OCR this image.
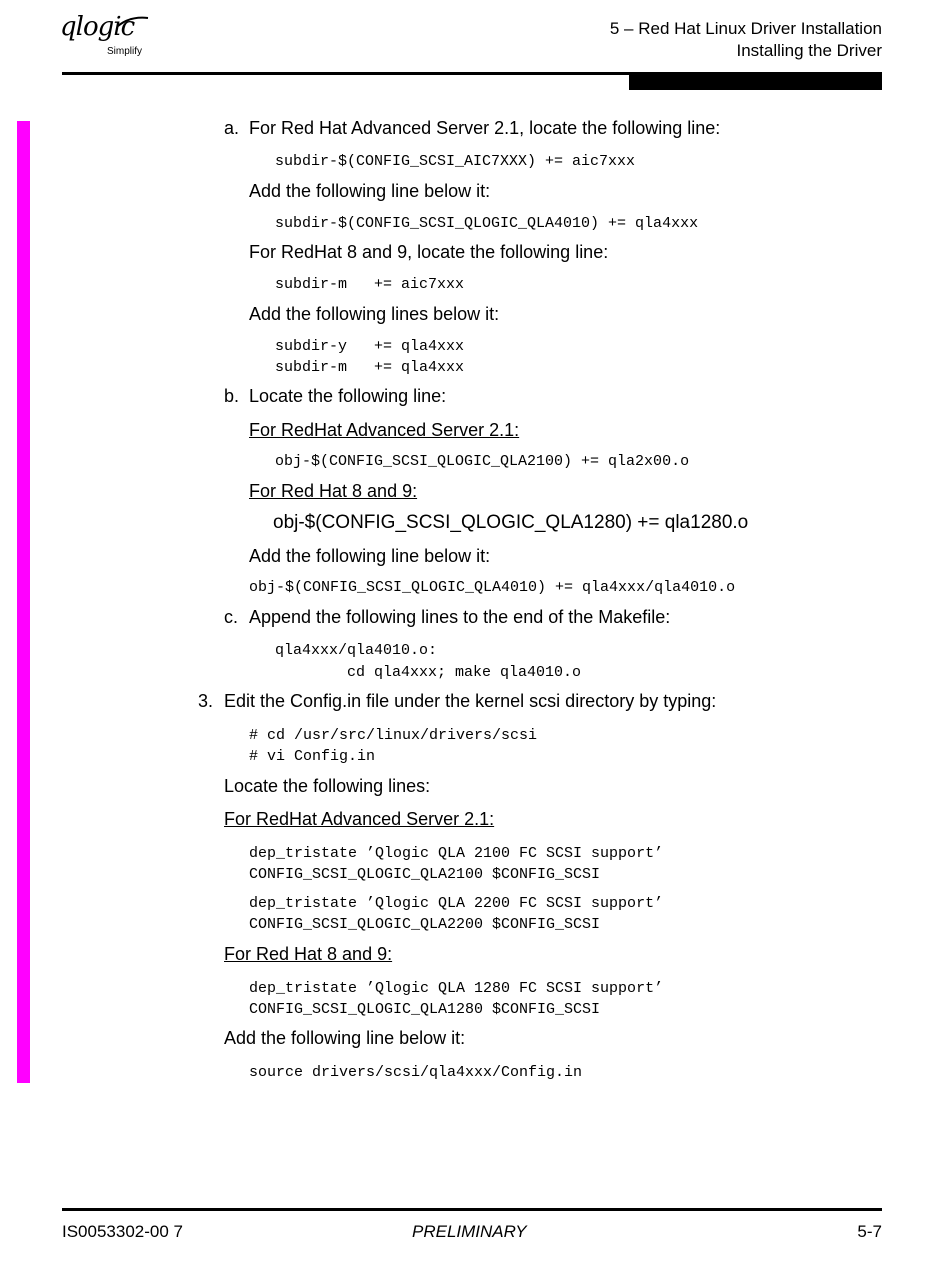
qlogic
Simplify
5 – Red Hat Linux Driver Installation
Installing the Driver
a. For Red Hat Advanced Server 2.1, locate the following line:
subdir-$(CONFIG_SCSI_AIC7XXX) += aic7xxx
Add the following line below it:
subdir-$(CONFIG_SCSI_QLOGIC_QLA4010) += qla4xxx
For RedHat 8 and 9, locate the following line:
subdir-m   += aic7xxx
Add the following lines below it:
subdir-y   += qla4xxx
subdir-m   += qla4xxx
b. Locate the following line:
For RedHat Advanced Server 2.1:
obj-$(CONFIG_SCSI_QLOGIC_QLA2100) += qla2x00.o
For Red Hat 8 and 9:
obj-$(CONFIG_SCSI_QLOGIC_QLA1280) += qla1280.o
Add the following line below it:
obj-$(CONFIG_SCSI_QLOGIC_QLA4010) += qla4xxx/qla4010.o
c. Append the following lines to the end of the Makefile:
qla4xxx/qla4010.o:
cd qla4xxx; make qla4010.o
3. Edit the Config.in file under the kernel scsi directory by typing:
# cd /usr/src/linux/drivers/scsi
# vi Config.in
Locate the following lines:
For RedHat Advanced Server 2.1:
dep_tristate ’Qlogic QLA 2100 FC SCSI support’
CONFIG_SCSI_QLOGIC_QLA2100 $CONFIG_SCSI
dep_tristate ’Qlogic QLA 2200 FC SCSI support’
CONFIG_SCSI_QLOGIC_QLA2200 $CONFIG_SCSI
For Red Hat 8 and 9:
dep_tristate ’Qlogic QLA 1280 FC SCSI support’
CONFIG_SCSI_QLOGIC_QLA1280 $CONFIG_SCSI
Add the following line below it:
source drivers/scsi/qla4xxx/Config.in
IS0053302-00 7	PRELIMINARY	5-7
